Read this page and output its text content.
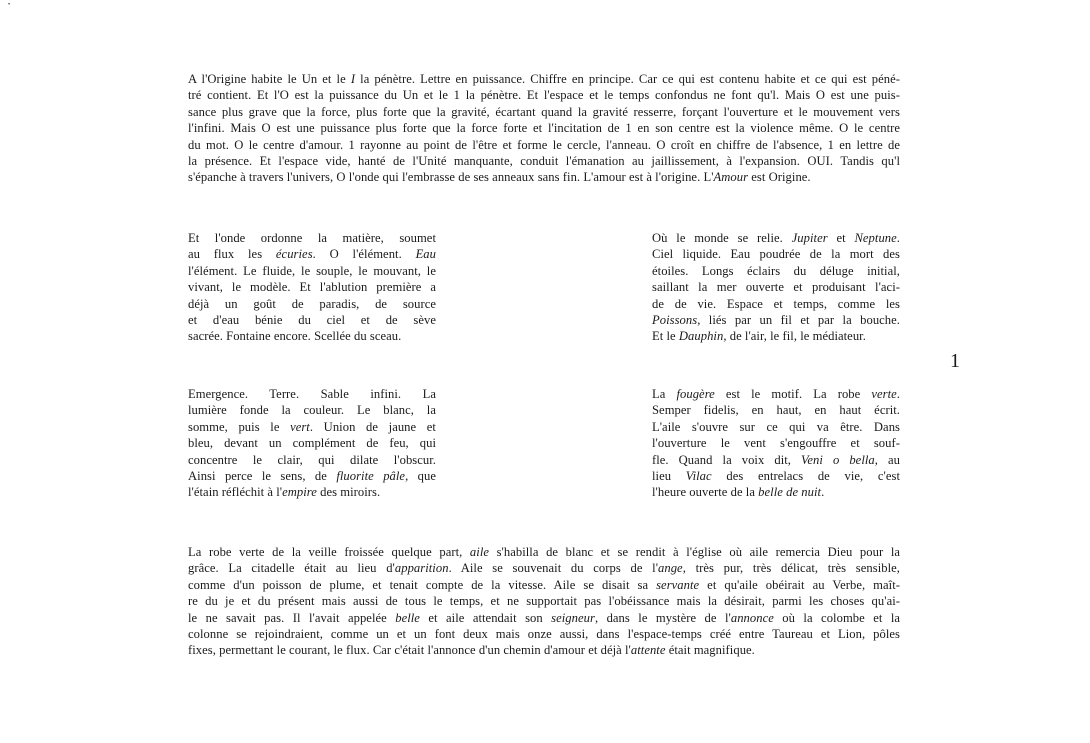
•
A l'Origine habite le Un et le I la pénètre. Lettre en puissance. Chiffre en principe. Car ce qui est contenu habite et ce qui est péné-
tré contient. Et l'O est la puissance du Un et le 1 la pénètre. Et l'espace et le temps confondus ne font qu'l. Mais O est une puis-
sance plus grave que la force, plus forte que la gravité, écartant quand la gravité resserre, forçant l'ouverture et le mouvement vers
l'infini. Mais O est une puissance plus forte que la force forte et l'incitation de 1 en son centre est la violence même. O le centre
du mot. O le centre d'amour. 1 rayonne au point de l'être et forme le cercle, l'anneau. O croît en chiffre de l'absence, 1 en lettre de
la présence. Et l'espace vide, hanté de l'Unité manquante, conduit l'émanation au jaillissement, à l'expansion. OUI. Tandis qu'l
s'épanche à travers l'univers, O l'onde qui l'embrasse de ses anneaux sans fin. L'amour est à l'origine. L'Amour est Origine.
Et l'onde ordonne la matière, soumet
au flux les écuries. O l'élément. Eau
l'élément. Le fluide, le souple, le mouvant, le
vivant, le modèle. Et l'ablution première a
déjà un goût de paradis, de source
et d'eau bénie du ciel et de sève
sacrée. Fontaine encore. Scellée du sceau.
Où le monde se relie. Jupiter et Neptune.
Ciel liquide. Eau poudrée de la mort des
étoiles. Longs éclairs du déluge initial,
saillant la mer ouverte et produisant l'aci-
de de vie. Espace et temps, comme les
Poissons, liés par un fil et par la bouche.
Et le Dauphin, de l'air, le fil, le médiateur.
Emergence. Terre. Sable infini. La
lumière fonde la couleur. Le blanc, la
somme, puis le vert. Union de jaune et
bleu, devant un complément de feu, qui
concentre le clair, qui dilate l'obscur.
Ainsi perce le sens, de fluorite pâle, que
l'étain réfléchit à l'empire des miroirs.
La fougère est le motif. La robe verte.
Semper fidelis, en haut, en haut écrit.
L'aile s'ouvre sur ce qui va être. Dans
l'ouverture le vent s'engouffre et souf-
fle. Quand la voix dit, Veni o bella, au
lieu Vilac des entrelacs de vie, c'est
l'heure ouverte de la belle de nuit.
La robe verte de la veille froissée quelque part, aile s'habilla de blanc et se rendit à l'église où aile remercia Dieu pour la
grâce. La citadelle était au lieu d'apparition. Aile se souvenait du corps de l'ange, très pur, très délicat, très sensible,
comme d'un poisson de plume, et tenait compte de la vitesse. Aile se disait sa servante et qu'aile obéirait au Verbe, maît-
re du je et du présent mais aussi de tous le temps, et ne supportait pas l'obéissance mais la désirait, parmi les choses qu'ai-
le ne savait pas. Il l'avait appelée belle et aile attendait son seigneur, dans le mystère de l'annonce où la colombe et la
colonne se rejoindraient, comme un et un font deux mais onze aussi, dans l'espace-temps créé entre Taureau et Lion, pôles
fixes, permettant le courant, le flux. Car c'était l'annonce d'un chemin d'amour et déjà l'attente était magnifique.
1
